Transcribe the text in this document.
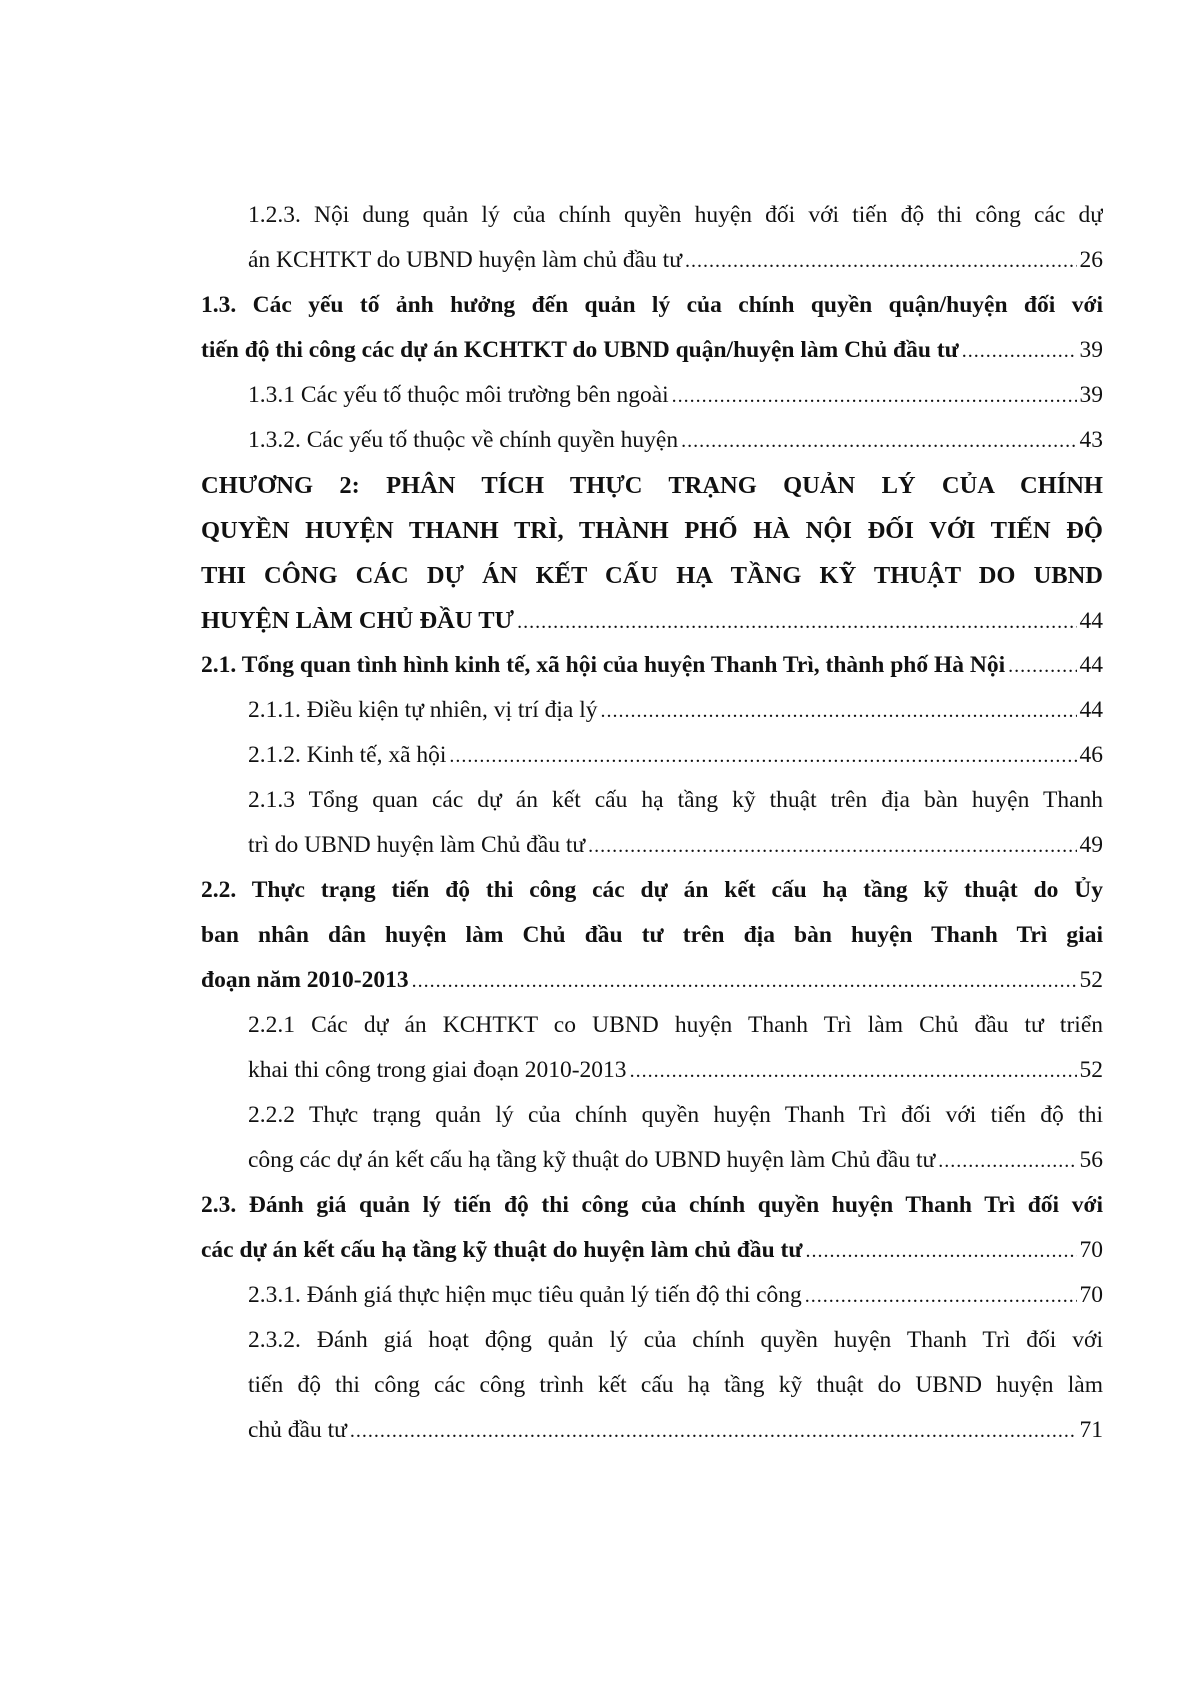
1.2.3. Nội dung quản lý của chính quyền huyện đối với tiến độ thi công các dự
án KCHTKT do UBND huyện làm chủ đầu tư .....	26
1.3. Các yếu tố ảnh hưởng đến quản lý của chính quyền quận/huyện đối với
tiến độ thi công các dự án KCHTKT do UBND quận/huyện làm Chủ đầu tư .....	39
1.3.1 Các yếu tố thuộc môi trường bên ngoài .....	39
1.3.2. Các yếu tố thuộc về chính quyền huyện .....	43
CHƯƠNG 2: PHÂN TÍCH THỰC TRẠNG QUẢN LÝ CỦA CHÍNH
QUYỀN HUYỆN THANH TRÌ, THÀNH PHỐ HÀ NỘI ĐỐI VỚI TIẾN ĐỘ
THI CÔNG CÁC DỰ ÁN KẾT CẤU HẠ TẦNG KỸ THUẬT DO UBND
HUYỆN LÀM CHỦ ĐẦU TƯ .....	44
2.1. Tổng quan tình hình kinh tế, xã hội của huyện Thanh Trì, thành phố Hà Nội .....	44
2.1.1. Điều kiện tự nhiên, vị trí địa lý .....	44
2.1.2. Kinh tế, xã hội .....	46
2.1.3 Tổng quan các dự án kết cấu hạ tầng kỹ thuật trên địa bàn huyện Thanh
trì do UBND huyện làm Chủ đầu tư .....	49
2.2. Thực trạng tiến độ thi công các dự án kết cấu hạ tầng kỹ thuật do Ủy
ban nhân dân huyện làm Chủ đầu tư trên địa bàn huyện Thanh Trì giai
đoạn năm 2010-2013 .....	52
2.2.1 Các dự án KCHTKT co UBND huyện Thanh Trì làm Chủ đầu tư triển
khai thi công trong giai đoạn 2010-2013 .....	52
2.2.2 Thực trạng quản lý của chính quyền huyện Thanh Trì đối với tiến độ thi
công các dự án kết cấu hạ tầng kỹ thuật do UBND huyện làm Chủ đầu tư .....	56
2.3. Đánh giá quản lý tiến độ thi công của chính quyền huyện Thanh Trì đối với
các dự án kết cấu hạ tầng kỹ thuật do huyện làm chủ đầu tư .....	70
2.3.1. Đánh giá thực hiện mục tiêu quản lý tiến độ thi công .....	70
2.3.2. Đánh giá hoạt động quản lý của chính quyền huyện Thanh Trì đối với
tiến độ thi công các công trình kết cấu hạ tầng kỹ thuật do UBND huyện làm
chủ đầu tư .....	71
